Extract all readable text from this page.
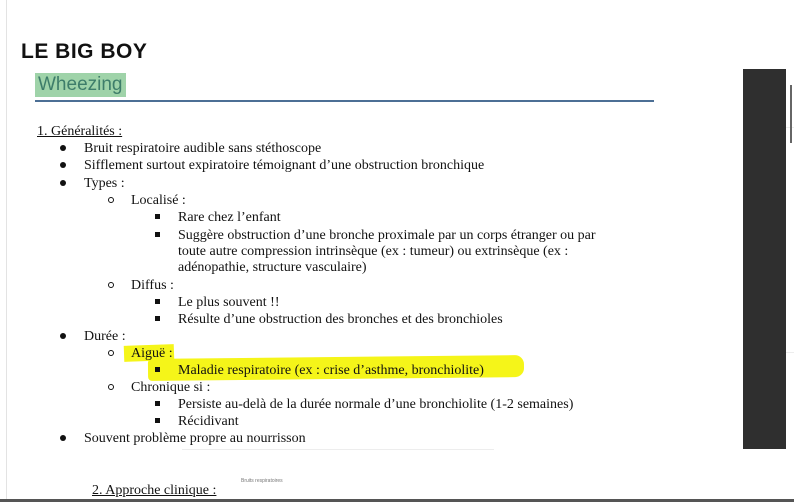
LE BIG BOY
Wheezing
1. Généralités :
Bruit respiratoire audible sans stéthoscope
Sifflement surtout expiratoire témoignant d’une obstruction bronchique
Types :
Localisé :
Rare chez l’enfant
Suggère obstruction d’une bronche proximale par un corps étranger ou par
toute autre compression intrinsèque (ex : tumeur) ou extrinsèque (ex :
adénopathie, structure vasculaire)
Diffus :
Le plus souvent !!
Résulte d’une obstruction des bronches et des bronchioles
Durée :
Aiguë :
Maladie respiratoire (ex : crise d’asthme, bronchiolite)
Chronique si :
Persiste au-delà de la durée normale d’une bronchiolite (1-2 semaines)
Récidivant
Souvent problème propre au nourrisson
Bruits respiratoires
2. Approche clinique :
